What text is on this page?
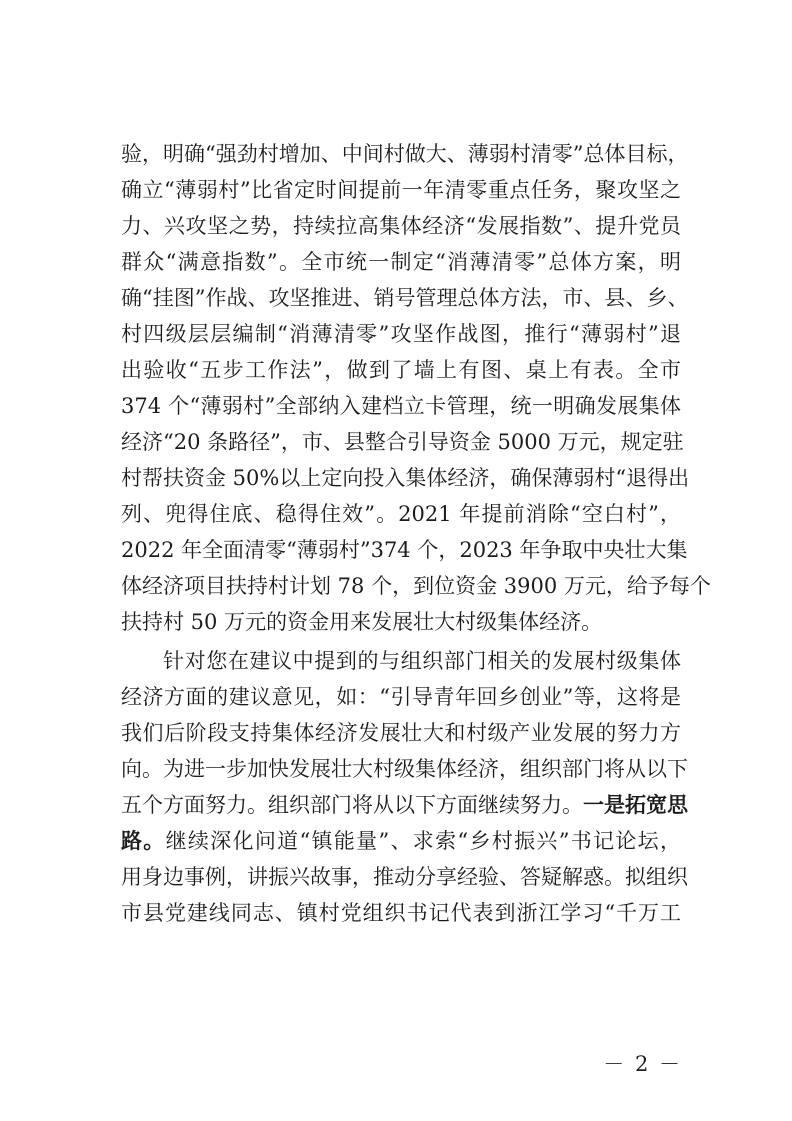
验，明确“强劲村增加、中间村做大、薄弱村清零”总体目标，
确立“薄弱村”比省定时间提前一年清零重点任务，聚攻坚之
力、兴攻坚之势，持续拉高集体经济“发展指数”、提升党员
群众“满意指数”。全市统一制定“消薄清零”总体方案，明
确“挂图”作战、攻坚推进、销号管理总体方法，市、县、乡、
村四级层层编制“消薄清零”攻坚作战图，推行“薄弱村”退
出验收“五步工作法”，做到了墙上有图、桌上有表。全市
374 个“薄弱村”全部纳入建档立卡管理，统一明确发展集体
经济“20 条路径”，市、县整合引导资金 5000 万元，规定驻
村帮扶资金 50%以上定向投入集体经济，确保薄弱村“退得出
列、兜得住底、稳得住效”。2021 年提前消除“空白村”，
2022 年全面清零“薄弱村”374 个，2023 年争取中央壮大集
体经济项目扶持村计划 78 个，到位资金 3900 万元，给予每个
扶持村 50 万元的资金用来发展壮大村级集体经济。
针对您在建议中提到的与组织部门相关的发展村级集体
经济方面的建议意见，如：“引导青年回乡创业”等，这将是
我们后阶段支持集体经济发展壮大和村级产业发展的努力方
向。为进一步加快发展壮大村级集体经济，组织部门将从以下
五个方面努力。组织部门将从以下方面继续努力。一是拓宽思
路。继续深化问道“镇能量”、求索“乡村振兴”书记论坛，
用身边事例，讲振兴故事，推动分享经验、答疑解惑。拟组织
市县党建线同志、镇村党组织书记代表到浙江学习“千万工
－ 2 －
